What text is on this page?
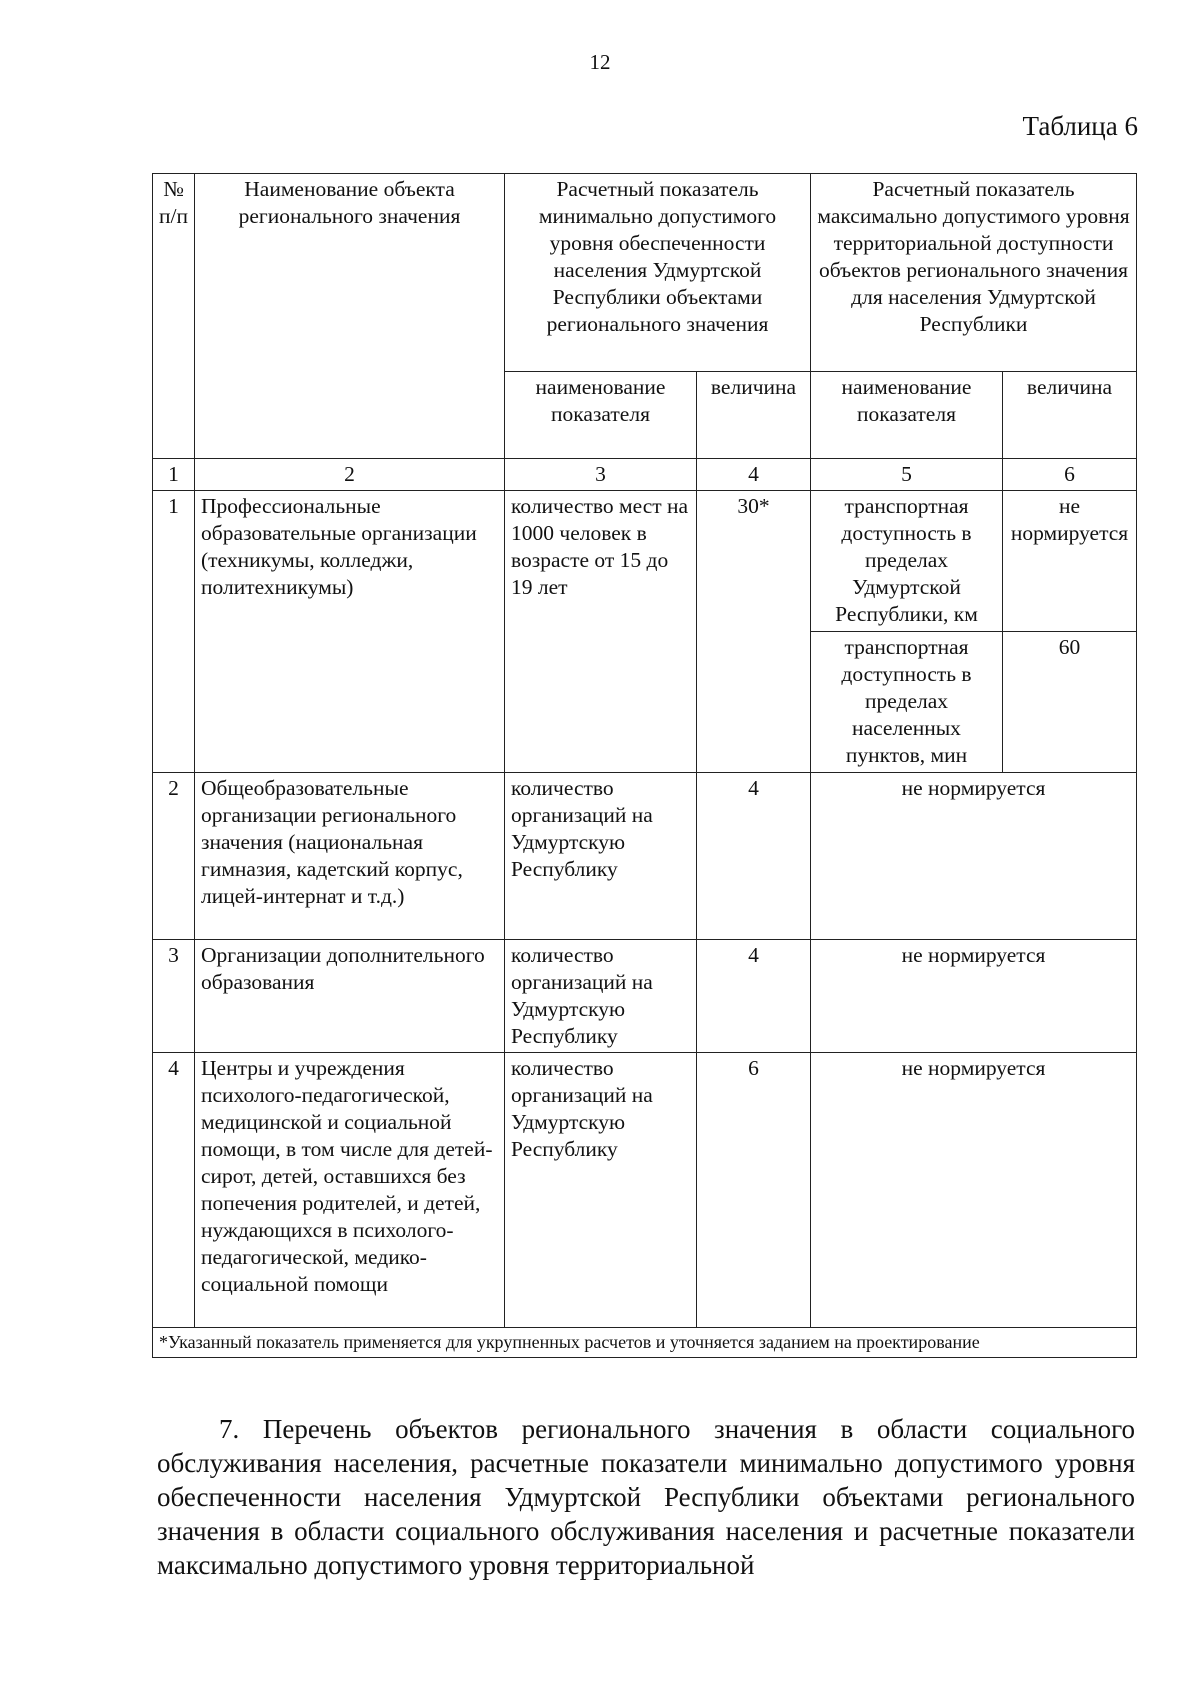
12
Таблица 6
№ п/п	Наименование объекта регионального значения	Расчетный показатель минимально допустимого уровня обеспеченности населения Удмуртской Республики объектами регионального значения		Расчетный показатель максимально допустимого уровня территориальной доступности объектов регионального значения для населения Удмуртской Республики	
		наименование показателя	величина	наименование показателя	величина
1	2	3	4	5	6
1	Профессиональные образовательные организации (техникумы, колледжи, политехникумы)	количество мест на 1000 человек в возрасте от 15 до 19 лет	30*	транспортная доступность в пределах Удмуртской Республики, км	не нормируется
				транспортная доступность в пределах населенных пунктов, мин	60
2	Общеобразовательные организации регионального значения (национальная гимназия, кадетский корпус, лицей-интернат и т.д.)	количество организаций на Удмуртскую Республику	4	не нормируется	
3	Организации дополнительного образования	количество организаций на Удмуртскую Республику	4	не нормируется	
4	Центры и учреждения психолого-педагогической, медицинской и социальной помощи, в том числе для детей-сирот, детей, оставшихся без попечения родителей, и детей, нуждающихся в психолого-педагогической, медико-социальной помощи	количество организаций на Удмуртскую Республику	6	не нормируется	
*Указанный показатель применяется для укрупненных расчетов и уточняется заданием на проектирование					
7. Перечень объектов регионального значения в области социального обслуживания населения, расчетные показатели минимально допустимого уровня обеспеченности населения Удмуртской Республики объектами регионального значения в области социального обслуживания населения и расчетные показатели максимально допустимого уровня территориальной
